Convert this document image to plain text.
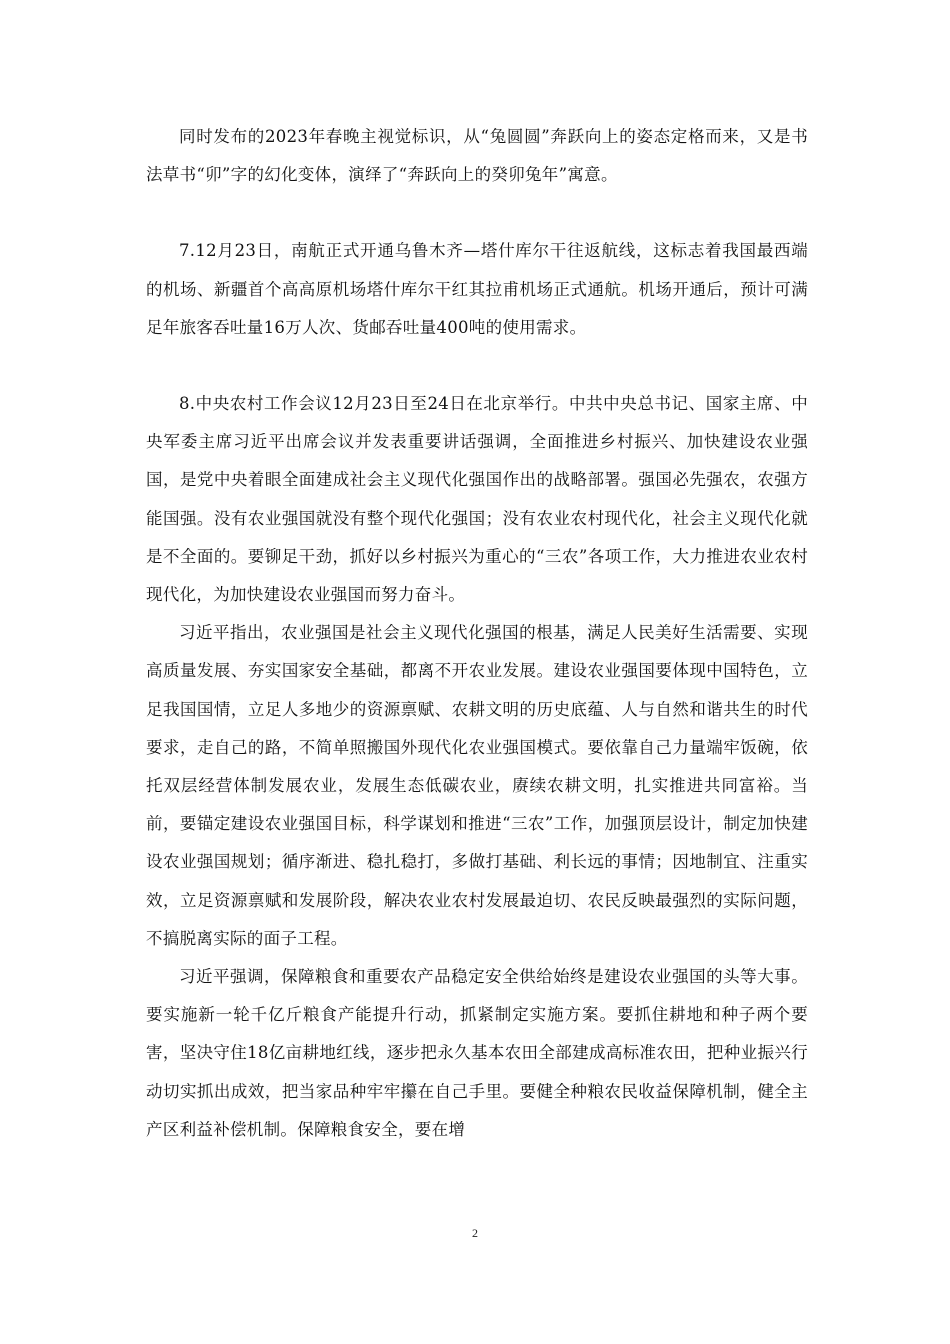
同时发布的2023年春晚主视觉标识，从“兔圆圆”奔跃向上的姿态定格而来，又是书法草书“卯”字的幻化变体，演绎了“奔跃向上的癸卯兔年”寓意。

7.12月23日，南航正式开通乌鲁木齐—塔什库尔干往返航线，这标志着我国最西端的机场、新疆首个高高原机场塔什库尔干红其拉甫机场正式通航。机场开通后，预计可满足年旅客吞吐量16万人次、货邮吞吐量400吨的使用需求。

8.中央农村工作会议12月23日至24日在北京举行。中共中央总书记、国家主席、中央军委主席习近平出席会议并发表重要讲话强调，全面推进乡村振兴、加快建设农业强国，是党中央着眼全面建成社会主义现代化强国作出的战略部署。强国必先强农，农强方能国强。没有农业强国就没有整个现代化强国；没有农业农村现代化，社会主义现代化就是不全面的。要铆足干劲，抓好以乡村振兴为重心的“三农”各项工作，大力推进农业农村现代化，为加快建设农业强国而努力奋斗。

习近平指出，农业强国是社会主义现代化强国的根基，满足人民美好生活需要、实现高质量发展、夯实国家安全基础，都离不开农业发展。建设农业强国要体现中国特色，立足我国国情，立足人多地少的资源禀赋、农耕文明的历史底蕴、人与自然和谐共生的时代要求，走自己的路，不简单照搬国外现代化农业强国模式。要依靠自己力量端牢饭碗，依托双层经营体制发展农业，发展生态低碳农业，赓续农耕文明，扎实推进共同富裕。当前，要锚定建设农业强国目标，科学谋划和推进“三农”工作，加强顶层设计，制定加快建设农业强国规划；循序渐进、稳扎稳打，多做打基础、利长远的事情；因地制宜、注重实效，立足资源禀赋和发展阶段，解决农业农村发展最迫切、农民反映最强烈的实际问题，不搞脱离实际的面子工程。

习近平强调，保障粮食和重要农产品稳定安全供给始终是建设农业强国的头等大事。要实施新一轮千亿斤粮食产能提升行动，抓紧制定实施方案。要抓住耕地和种子两个要害，坚决守住18亿亩耕地红线，逐步把永久基本农田全部建成高标准农田，把种业振兴行动切实抓出成效，把当家品种牢牢攥在自己手里。要健全种粮农民收益保障机制，健全主产区利益补偿机制。保障粮食安全，要在增

2
